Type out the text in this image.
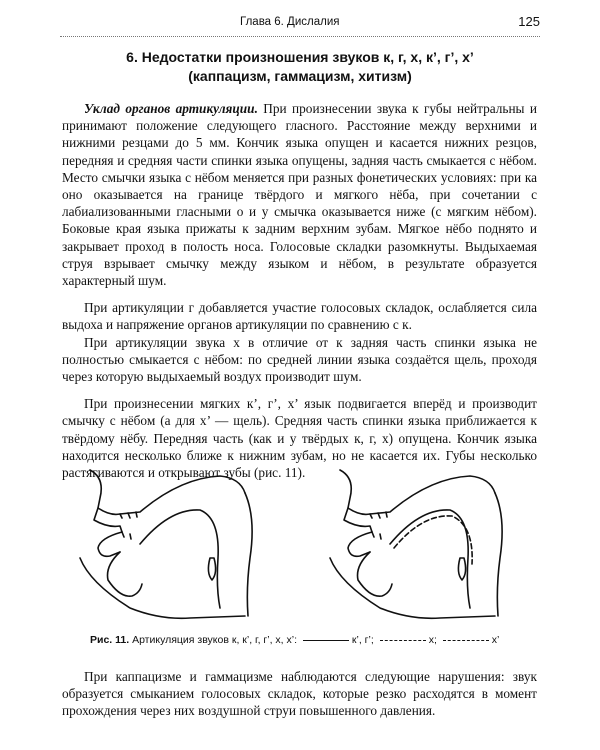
Глава 6. Дислалия	125
6. Недостатки произношения звуков к, г, х, к’, г’, х’
(каппацизм, гаммацизм, хитизм)

Уклад органов артикуляции. При произнесении звука к губы нейтральны и принимают положение следующего гласного. Расстояние между верхними и нижними резцами до 5 мм. Кончик языка опущен и касается нижних резцов, передняя и средняя части спинки языка опущены, задняя часть смыкается с нёбом. Место смычки языка с нёбом меняется при разных фонетических условиях: при ка оно оказывается на границе твёрдого и мягкого нёба, при сочетании с лабиализованными гласными о и у смычка оказывается ниже (с мягким нёбом). Боковые края языка прижаты к задним верхним зубам. Мягкое нёбо поднято и закрывает проход в полость носа. Голосовые складки разомкнуты. Выдыхаемая струя взрывает смычку между языком и нёбом, в результате образуется характерный шум.

При артикуляции г добавляется участие голосовых складок, ослабляется сила выдоха и напряжение органов артикуляции по сравнению с к.

При артикуляции звука х в отличие от к задняя часть спинки языка не полностью смыкается с нёбом: по средней линии языка создаётся щель, проходя через которую выдыхаемый воздух производит шум.

При произнесении мягких к’, г’, х’ язык подвигается вперёд и производит смычку с нёбом (а для х’ — щель). Средняя часть спинки языка приближается к твёрдому нёбу. Передняя часть (как и у твёрдых к, г, х) опущена. Кончик языка находится несколько ближе к нижним зубам, но не касается их. Губы несколько растягиваются и открывают зубы (рис. 11).

Рис. 11. Артикуляция звуков к, к’, г, г’, х, х’:	к’, г’;	х;	х’

При каппацизме и гаммацизме наблюдаются следующие нарушения: звук образуется смыканием голосовых складок, которые резко расходятся в момент прохождения через них воздушной струи повышенного давления.
